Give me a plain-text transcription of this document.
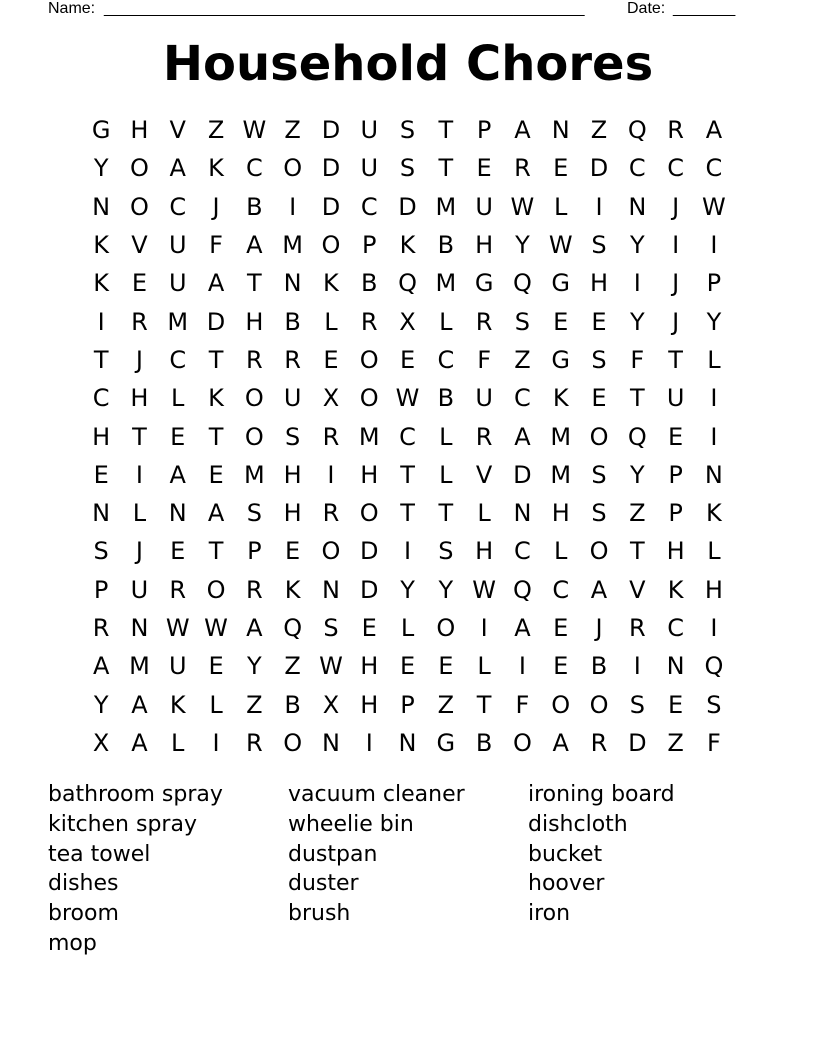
Name: ______________________________________________________	Date: _______
Household Chores
G H V Z W Z D U S T P A N Z Q R A
Y O A K C O D U S T E R E D C C C
N O C	J	B	I	D C D M U W L	I	N	J W
K V U F A M O P K B H Y W S Y	I	I
K E U A T N K B Q M G Q G H	I	J	P
I	R M D H B L R X L R S E E Y	J	Y
T	J	C T R R E O E C F Z G S F	T	L
C H L K O U X O W B U C K E T U	I
H T E T O S R M C L R A M O Q E	I
E	I	A E M H	I	H T	L V D M S Y P N
N L N A S H R O T T	L N H S Z P K
S	J	E T P E O D	I	S H C L O T H L
P U R O R K N D Y Y W Q C A V K H
R N W W A Q S E	L O	I	A E	J	R C	I
A M U E Y Z W H E E	L	I	E B	I	N Q
Y A K L Z B X H P Z T	F O O S E S
X A L	I	R O N	I	N G B O A R D Z F
bathroom spray
kitchen spray
tea towel
dishes
broom
mop
vacuum cleaner
wheelie bin
dustpan
duster
brush
ironing board
dishcloth
bucket
hoover
iron
